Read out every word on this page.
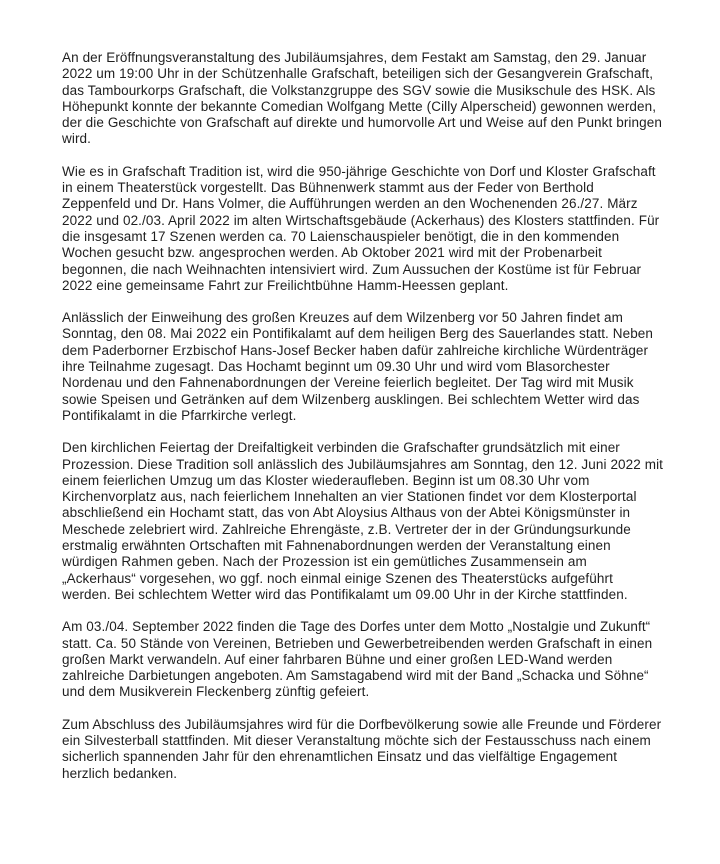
An der Eröffnungsveranstaltung des Jubiläumsjahres, dem Festakt am Samstag, den 29. Januar 2022 um 19:00 Uhr in der Schützenhalle Grafschaft, beteiligen sich der Gesangverein Grafschaft, das Tambourkorps Grafschaft, die Volkstanzgruppe des SGV sowie die Musikschule des HSK. Als Höhepunkt konnte der bekannte Comedian Wolfgang Mette (Cilly Alperscheid) gewonnen werden, der die Geschichte von Grafschaft auf direkte und humorvolle Art und Weise auf den Punkt bringen wird.

Wie es in Grafschaft Tradition ist, wird die 950-jährige Geschichte von Dorf und Kloster Grafschaft in einem Theaterstück vorgestellt. Das Bühnenwerk stammt aus der Feder von Berthold Zeppenfeld und Dr. Hans Volmer, die Aufführungen werden an den Wochenenden 26./27. März 2022 und 02./03. April 2022 im alten Wirtschaftsgebäude (Ackerhaus) des Klosters stattfinden. Für die insgesamt 17 Szenen werden ca. 70 Laienschauspieler benötigt, die in den kommenden Wochen gesucht bzw. angesprochen werden. Ab Oktober 2021 wird mit der Probenarbeit begonnen, die nach Weihnachten intensiviert wird. Zum Aussuchen der Kostüme ist für Februar 2022 eine gemeinsame Fahrt zur Freilichtbühne Hamm-Heessen geplant.

Anlässlich der Einweihung des großen Kreuzes auf dem Wilzenberg vor 50 Jahren findet am Sonntag, den 08. Mai 2022 ein Pontifikalamt auf dem heiligen Berg des Sauerlandes statt. Neben dem Paderborner Erzbischof Hans-Josef Becker haben dafür zahlreiche kirchliche Würdenträger ihre Teilnahme zugesagt. Das Hochamt beginnt um 09.30 Uhr und wird vom Blasorchester Nordenau und den Fahnenabordnungen der Vereine feierlich begleitet. Der Tag wird mit Musik sowie Speisen und Getränken auf dem Wilzenberg ausklingen. Bei schlechtem Wetter wird das Pontifikalamt in die Pfarrkirche verlegt.

Den kirchlichen Feiertag der Dreifaltigkeit verbinden die Grafschafter grundsätzlich mit einer Prozession. Diese Tradition soll anlässlich des Jubiläumsjahres am Sonntag, den 12. Juni 2022 mit einem feierlichen Umzug um das Kloster wiederaufleben. Beginn ist um 08.30 Uhr vom Kirchenvorplatz aus, nach feierlichem Innehalten an vier Stationen findet vor dem Klosterportal abschließend ein Hochamt statt, das von Abt Aloysius Althaus von der Abtei Königsmünster in Meschede zelebriert wird. Zahlreiche Ehrengäste, z.B. Vertreter der in der Gründungsurkunde erstmalig erwähnten Ortschaften mit Fahnenabordnungen werden der Veranstaltung einen würdigen Rahmen geben. Nach der Prozession ist ein gemütliches Zusammensein am „Ackerhaus“ vorgesehen, wo ggf. noch einmal einige Szenen des Theaterstücks aufgeführt werden. Bei schlechtem Wetter wird das Pontifikalamt um 09.00 Uhr in der Kirche stattfinden.

Am 03./04. September 2022 finden die Tage des Dorfes unter dem Motto „Nostalgie und Zukunft“ statt. Ca. 50 Stände von Vereinen, Betrieben und Gewerbetreibenden werden Grafschaft in einen großen Markt verwandeln. Auf einer fahrbaren Bühne und einer großen LED-Wand werden zahlreiche Darbietungen angeboten. Am Samstagabend wird mit der Band „Schacka und Söhne“ und dem Musikverein Fleckenberg zünftig gefeiert.

Zum Abschluss des Jubiläumsjahres wird für die Dorfbevölkerung sowie alle Freunde und Förderer ein Silvesterball stattfinden. Mit dieser Veranstaltung möchte sich der Festausschuss nach einem sicherlich spannenden Jahr für den ehrenamtlichen Einsatz und das vielfältige Engagement herzlich bedanken.
